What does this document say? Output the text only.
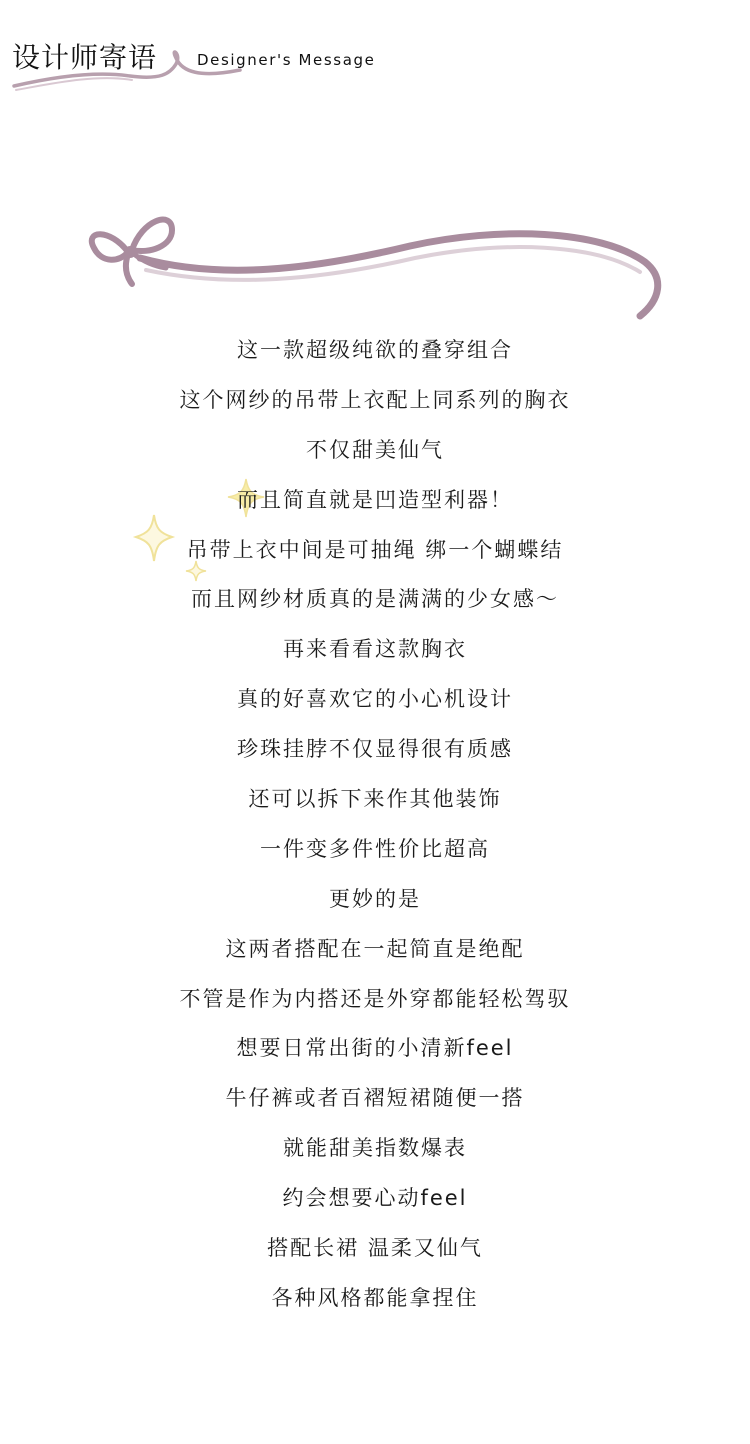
设计师寄语	Designer's Message
这一款超级纯欲的叠穿组合
这个网纱的吊带上衣配上同系列的胸衣
不仅甜美仙气
而且简直就是凹造型利器！
吊带上衣中间是可抽绳 绑一个蝴蝶结
而且网纱材质真的是满满的少女感～
再来看看这款胸衣
真的好喜欢它的小心机设计
珍珠挂脖不仅显得很有质感
还可以拆下来作其他装饰
一件变多件性价比超高
更妙的是
这两者搭配在一起简直是绝配
不管是作为内搭还是外穿都能轻松驾驭
想要日常出街的小清新feel
牛仔裤或者百褶短裙随便一搭
就能甜美指数爆表
约会想要心动feel
搭配长裙 温柔又仙气
各种风格都能拿捏住
